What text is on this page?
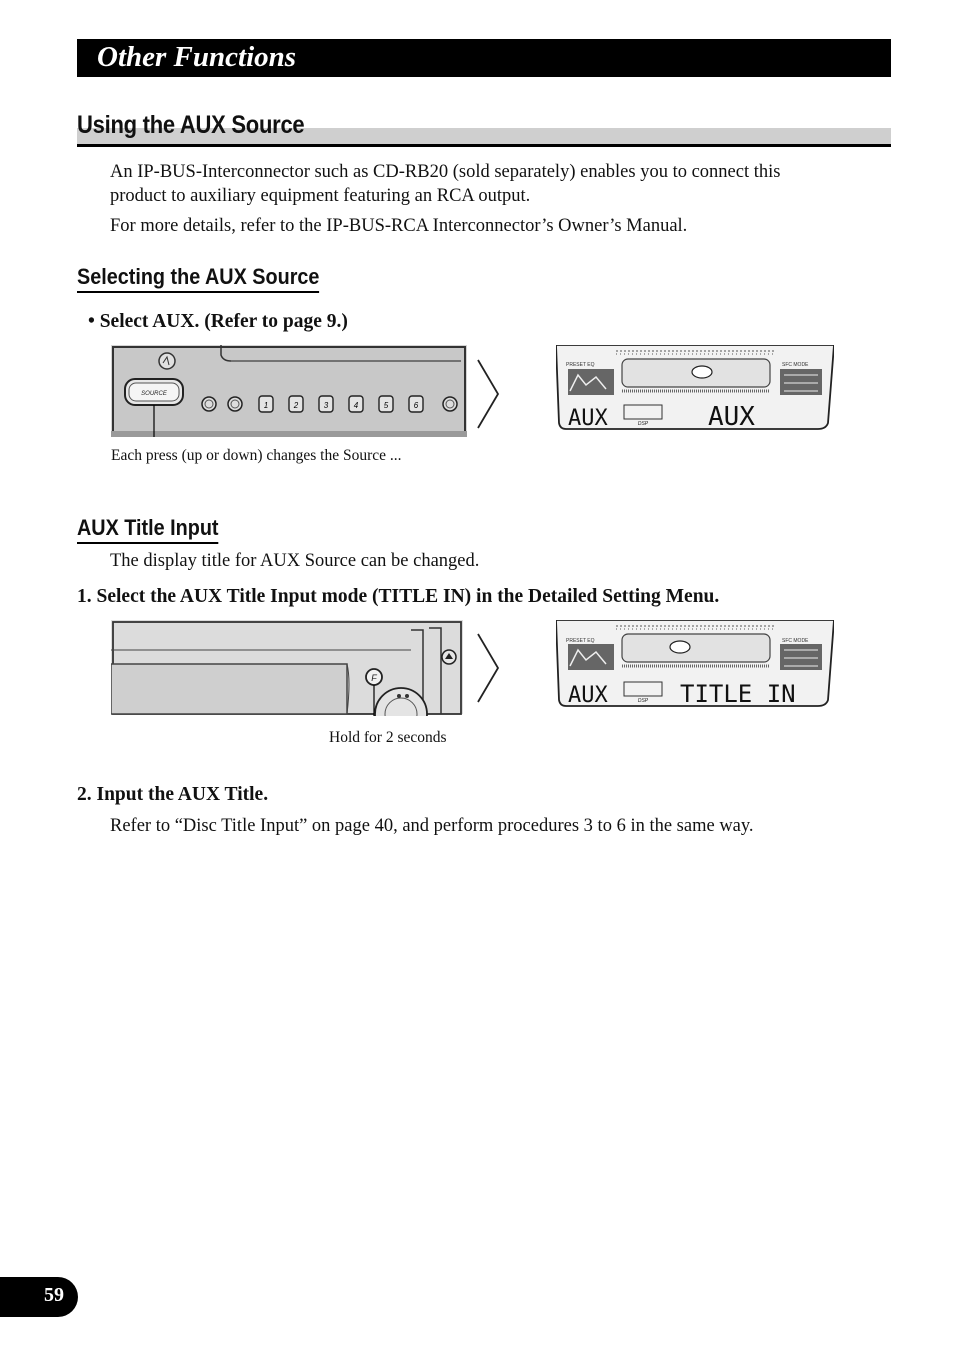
Other Functions
Using the AUX Source
An IP-BUS-Interconnector such as CD-RB20 (sold separately) enables you to connect this
product to auxiliary equipment featuring an RCA output.
For more details, refer to the IP-BUS-RCA Interconnector’s Owner’s Manual.
Selecting the AUX Source
• Select AUX. (Refer to page 9.)
SOURCE
1	2	3	4	5	6
Each press (up or down) changes the Source ...
PRESET EQ	SFC MODE
DSP
AUX	AUX
AUX Title Input
The display title for AUX Source can be changed.
1. Select the AUX Title Input mode (TITLE IN) in the Detailed Setting Menu.
F
Hold for 2 seconds
PRESET EQ	SFC MODE
DSP
AUX	TITLE IN
2. Input the AUX Title.
Refer to “Disc Title Input” on page 40, and perform procedures 3 to 6 in the same way.
59
